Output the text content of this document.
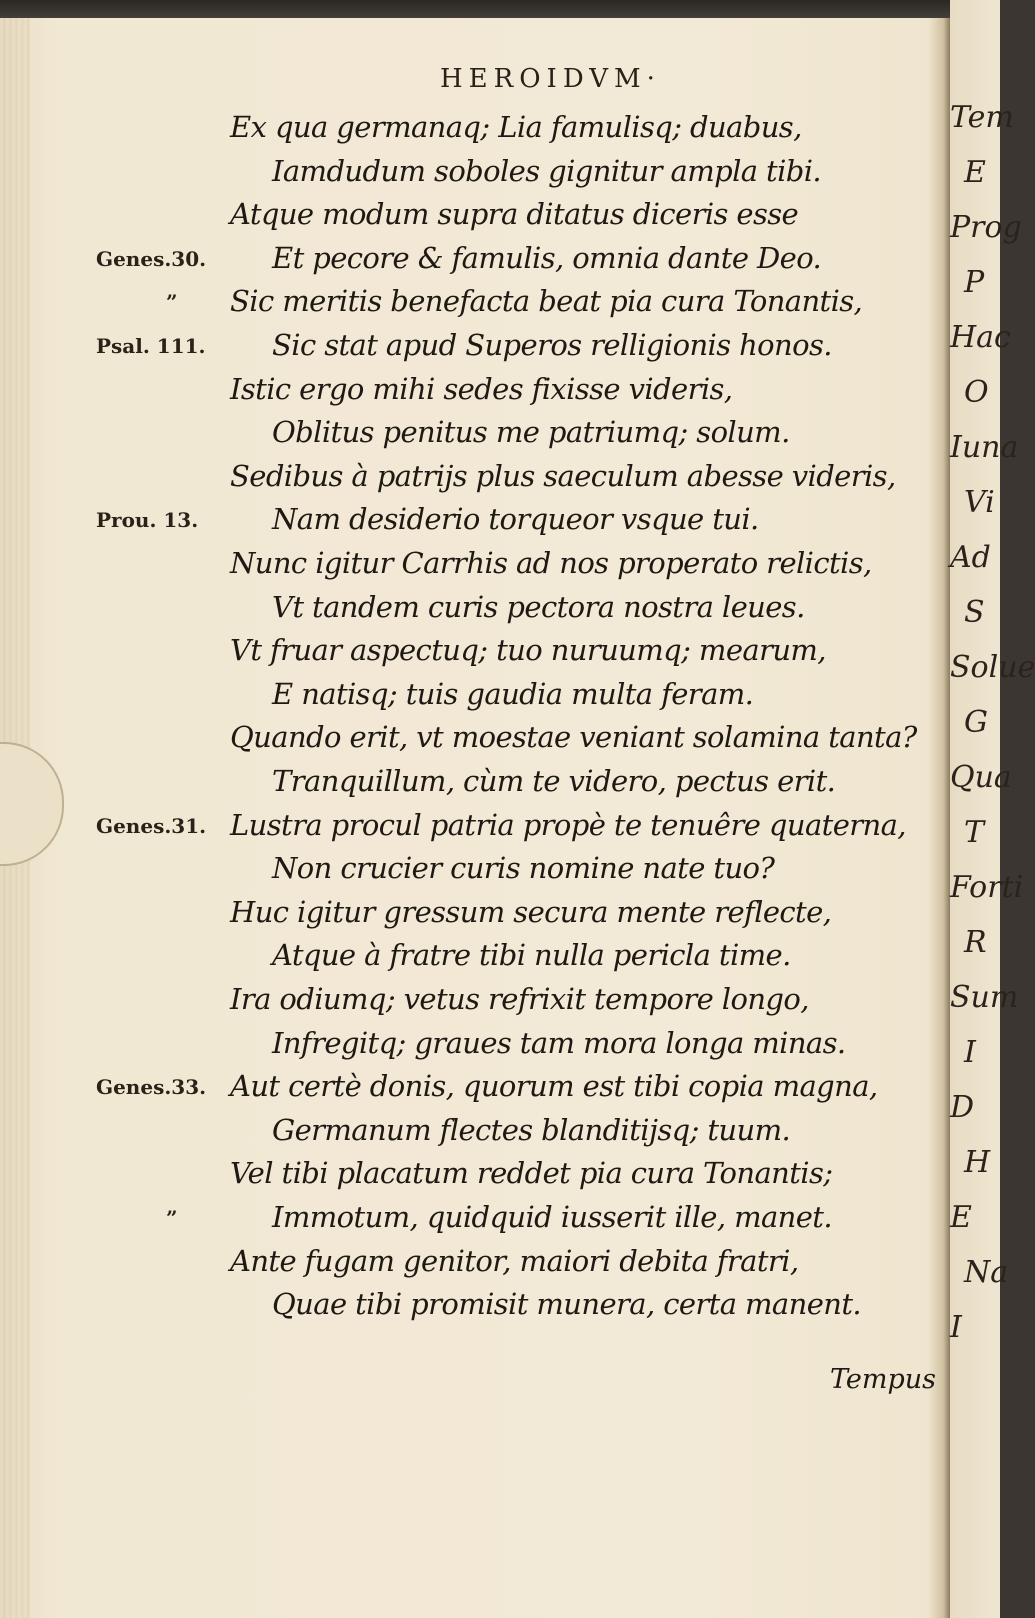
Tem
E
Prog
P
Hac
O
Iuna
Vi
Ad
S
Solue
G
Qua
T
Forti
R
Sum
I
D
H
E
Na
I
HEROIDVM·
Ex qua germanaq; Lia famulisq; duabus,
Iamdudum soboles gignitur ampla tibi.
Atque modum supra ditatus diceris esse
Et pecore & famulis, omnia dante Deo.
Sic meritis benefacta beat pia cura Tonantis,
Sic stat apud Superos relligionis honos.
Istic ergo mihi sedes fixisse videris,
Oblitus penitus me patriumq; solum.
Sedibus à patrijs plus saeculum abesse videris,
Nam desiderio torqueor vsque tui.
Nunc igitur Carrhis ad nos properato relictis,
Vt tandem curis pectora nostra leues.
Vt fruar aspectuq; tuo nuruumq; mearum,
E natisq; tuis gaudia multa feram.
Quando erit, vt moestae veniant solamina tanta?
Tranquillum, cùm te videro, pectus erit.
Lustra procul patria propè te tenuêre quaterna,
Non crucier curis nomine nate tuo?
Huc igitur gressum secura mente reflecte,
Atque à fratre tibi nulla pericla time.
Ira odiumq; vetus refrixit tempore longo,
Infregitq; graues tam mora longa minas.
Aut certè donis, quorum est tibi copia magna,
Germanum flectes blanditijsq; tuum.
Vel tibi placatum reddet pia cura Tonantis;
Immotum, quidquid iusserit ille, manet.
Ante fugam genitor, maiori debita fratri,
Quae tibi promisit munera, certa manent.
Genes.30.
”
Psal. 111.
Prou. 13.
Genes.31.
Genes.33.
”
Tempus
